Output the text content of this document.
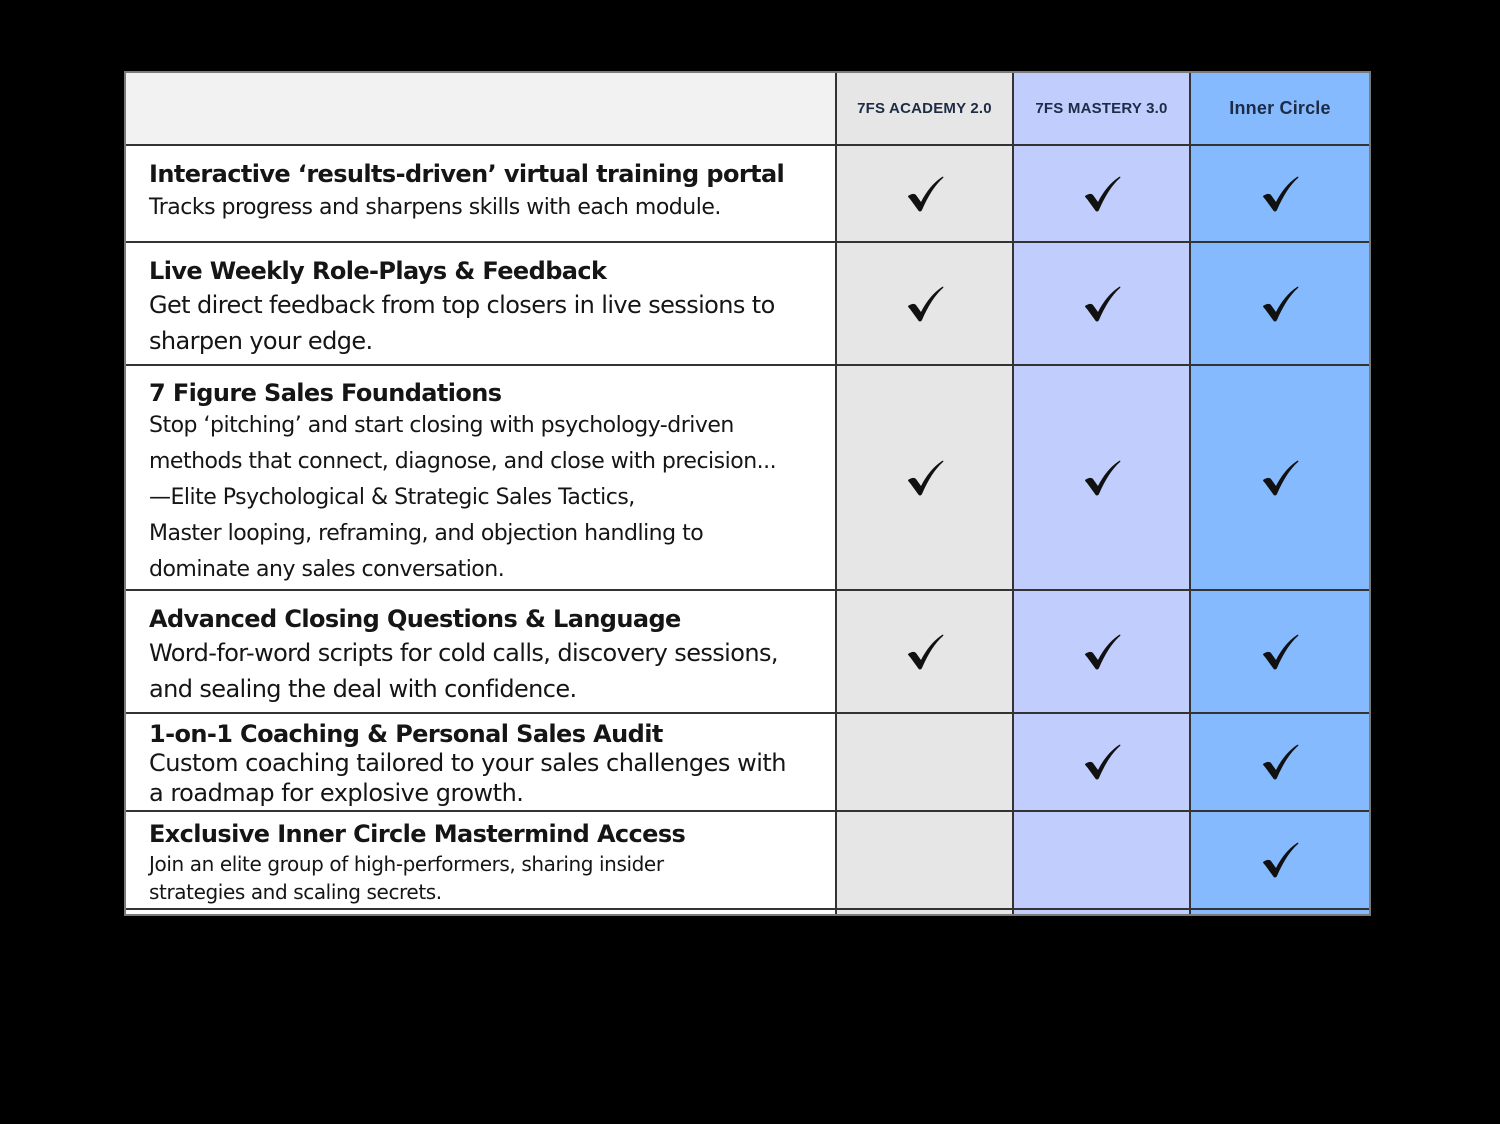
7FS ACADEMY 2.0	7FS MASTERY 3.0	Inner Circle
Interactive ‘results-driven’ virtual training portal
Tracks progress and sharpens skills with each module.
Live Weekly Role-Plays & Feedback
Get direct feedback from top closers in live sessions to
sharpen your edge.
7 Figure Sales Foundations
Stop ‘pitching’ and start closing with psychology-driven
methods that connect, diagnose, and close with precision...
—Elite Psychological & Strategic Sales Tactics,
Master looping, reframing, and objection handling to
dominate any sales conversation.
Advanced Closing Questions & Language
Word-for-word scripts for cold calls, discovery sessions,
and sealing the deal with confidence.
1-on-1 Coaching & Personal Sales Audit
Custom coaching tailored to your sales challenges with
a roadmap for explosive growth.
Exclusive Inner Circle Mastermind Access
Join an elite group of high-performers, sharing insider
strategies and scaling secrets.
